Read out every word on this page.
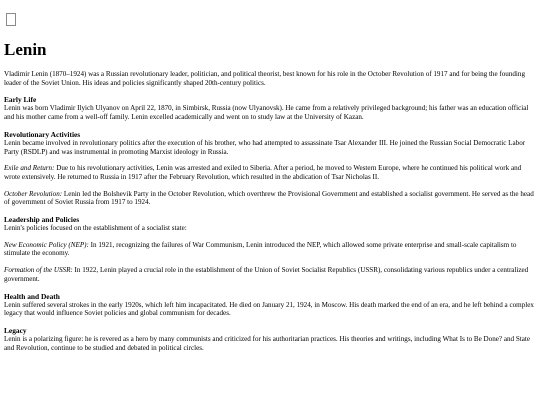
Lenin

Vladimir Lenin (1870–1924) was a Russian revolutionary leader, politician, and political theorist, best known for his role in the October Revolution of 1917 and for being the founding leader of the Soviet Union. His ideas and policies significantly shaped 20th-century politics.

Early Life

Lenin was born Vladimir Ilyich Ulyanov on April 22, 1870, in Simbirsk, Russia (now Ulyanovsk). He came from a relatively privileged background; his father was an education official and his mother came from a well-off family. Lenin excelled academically and went on to study law at the University of Kazan.

Revolutionary Activities

Lenin became involved in revolutionary politics after the execution of his brother, who had attempted to assassinate Tsar Alexander III. He joined the Russian Social Democratic Labor Party (RSDLP) and was instrumental in promoting Marxist ideology in Russia.

Exile and Return: Due to his revolutionary activities, Lenin was arrested and exiled to Siberia. After a period, he moved to Western Europe, where he continued his political work and wrote extensively. He returned to Russia in 1917 after the February Revolution, which resulted in the abdication of Tsar Nicholas II.

October Revolution: Lenin led the Bolshevik Party in the October Revolution, which overthrew the Provisional Government and established a socialist government. He served as the head of government of Soviet Russia from 1917 to 1924.

Leadership and Policies

Lenin's policies focused on the establishment of a socialist state:

New Economic Policy (NEP): In 1921, recognizing the failures of War Communism, Lenin introduced the NEP, which allowed some private enterprise and small-scale capitalism to stimulate the economy.

Formation of the USSR: In 1922, Lenin played a crucial role in the establishment of the Union of Soviet Socialist Republics (USSR), consolidating various republics under a centralized government.

Health and Death

Lenin suffered several strokes in the early 1920s, which left him incapacitated. He died on January 21, 1924, in Moscow. His death marked the end of an era, and he left behind a complex legacy that would influence Soviet policies and global communism for decades.

Legacy

Lenin is a polarizing figure: he is revered as a hero by many communists and criticized for his authoritarian practices. His theories and writings, including What Is to Be Done? and State and Revolution, continue to be studied and debated in political circles.
